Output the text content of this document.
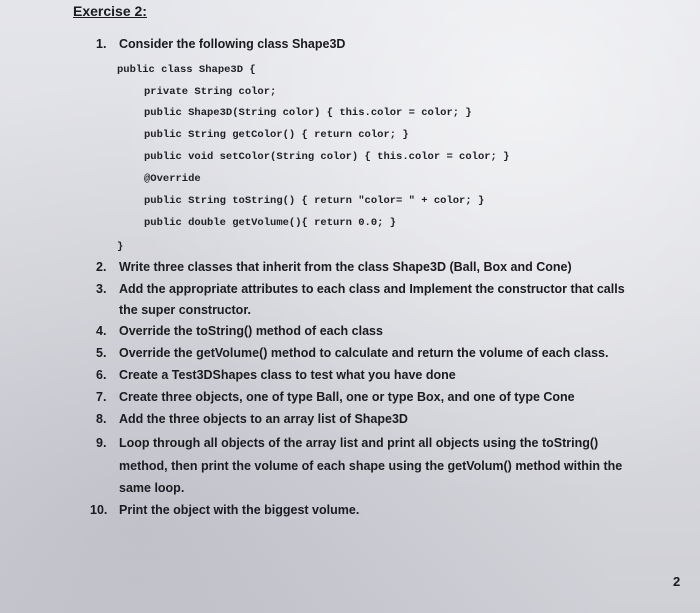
Exercise 2:
1. Consider the following class Shape3D
public class Shape3D {
private String color;
public Shape3D(String color) { this.color = color; }
public String getColor() { return color; }
public void setColor(String color) { this.color = color; }
@Override
public String toString() { return "color= " + color; }
public double getVolume(){ return 0.0; }
}
2. Write three classes that inherit from the class Shape3D (Ball, Box and Cone)
3. Add the appropriate attributes to each class and Implement the constructor that calls
the super constructor.
4. Override the toString() method of each class
5. Override the getVolume() method to calculate and return the volume of each class.
6. Create a Test3DShapes class to test what you have done
7. Create three objects, one of type Ball, one or type Box, and one of type Cone
8. Add the three objects to an array list of Shape3D
9. Loop through all objects of the array list and print all objects using the toString()
method, then print the volume of each shape using the getVolum() method within the
same loop.
10. Print the object with the biggest volume.
2
